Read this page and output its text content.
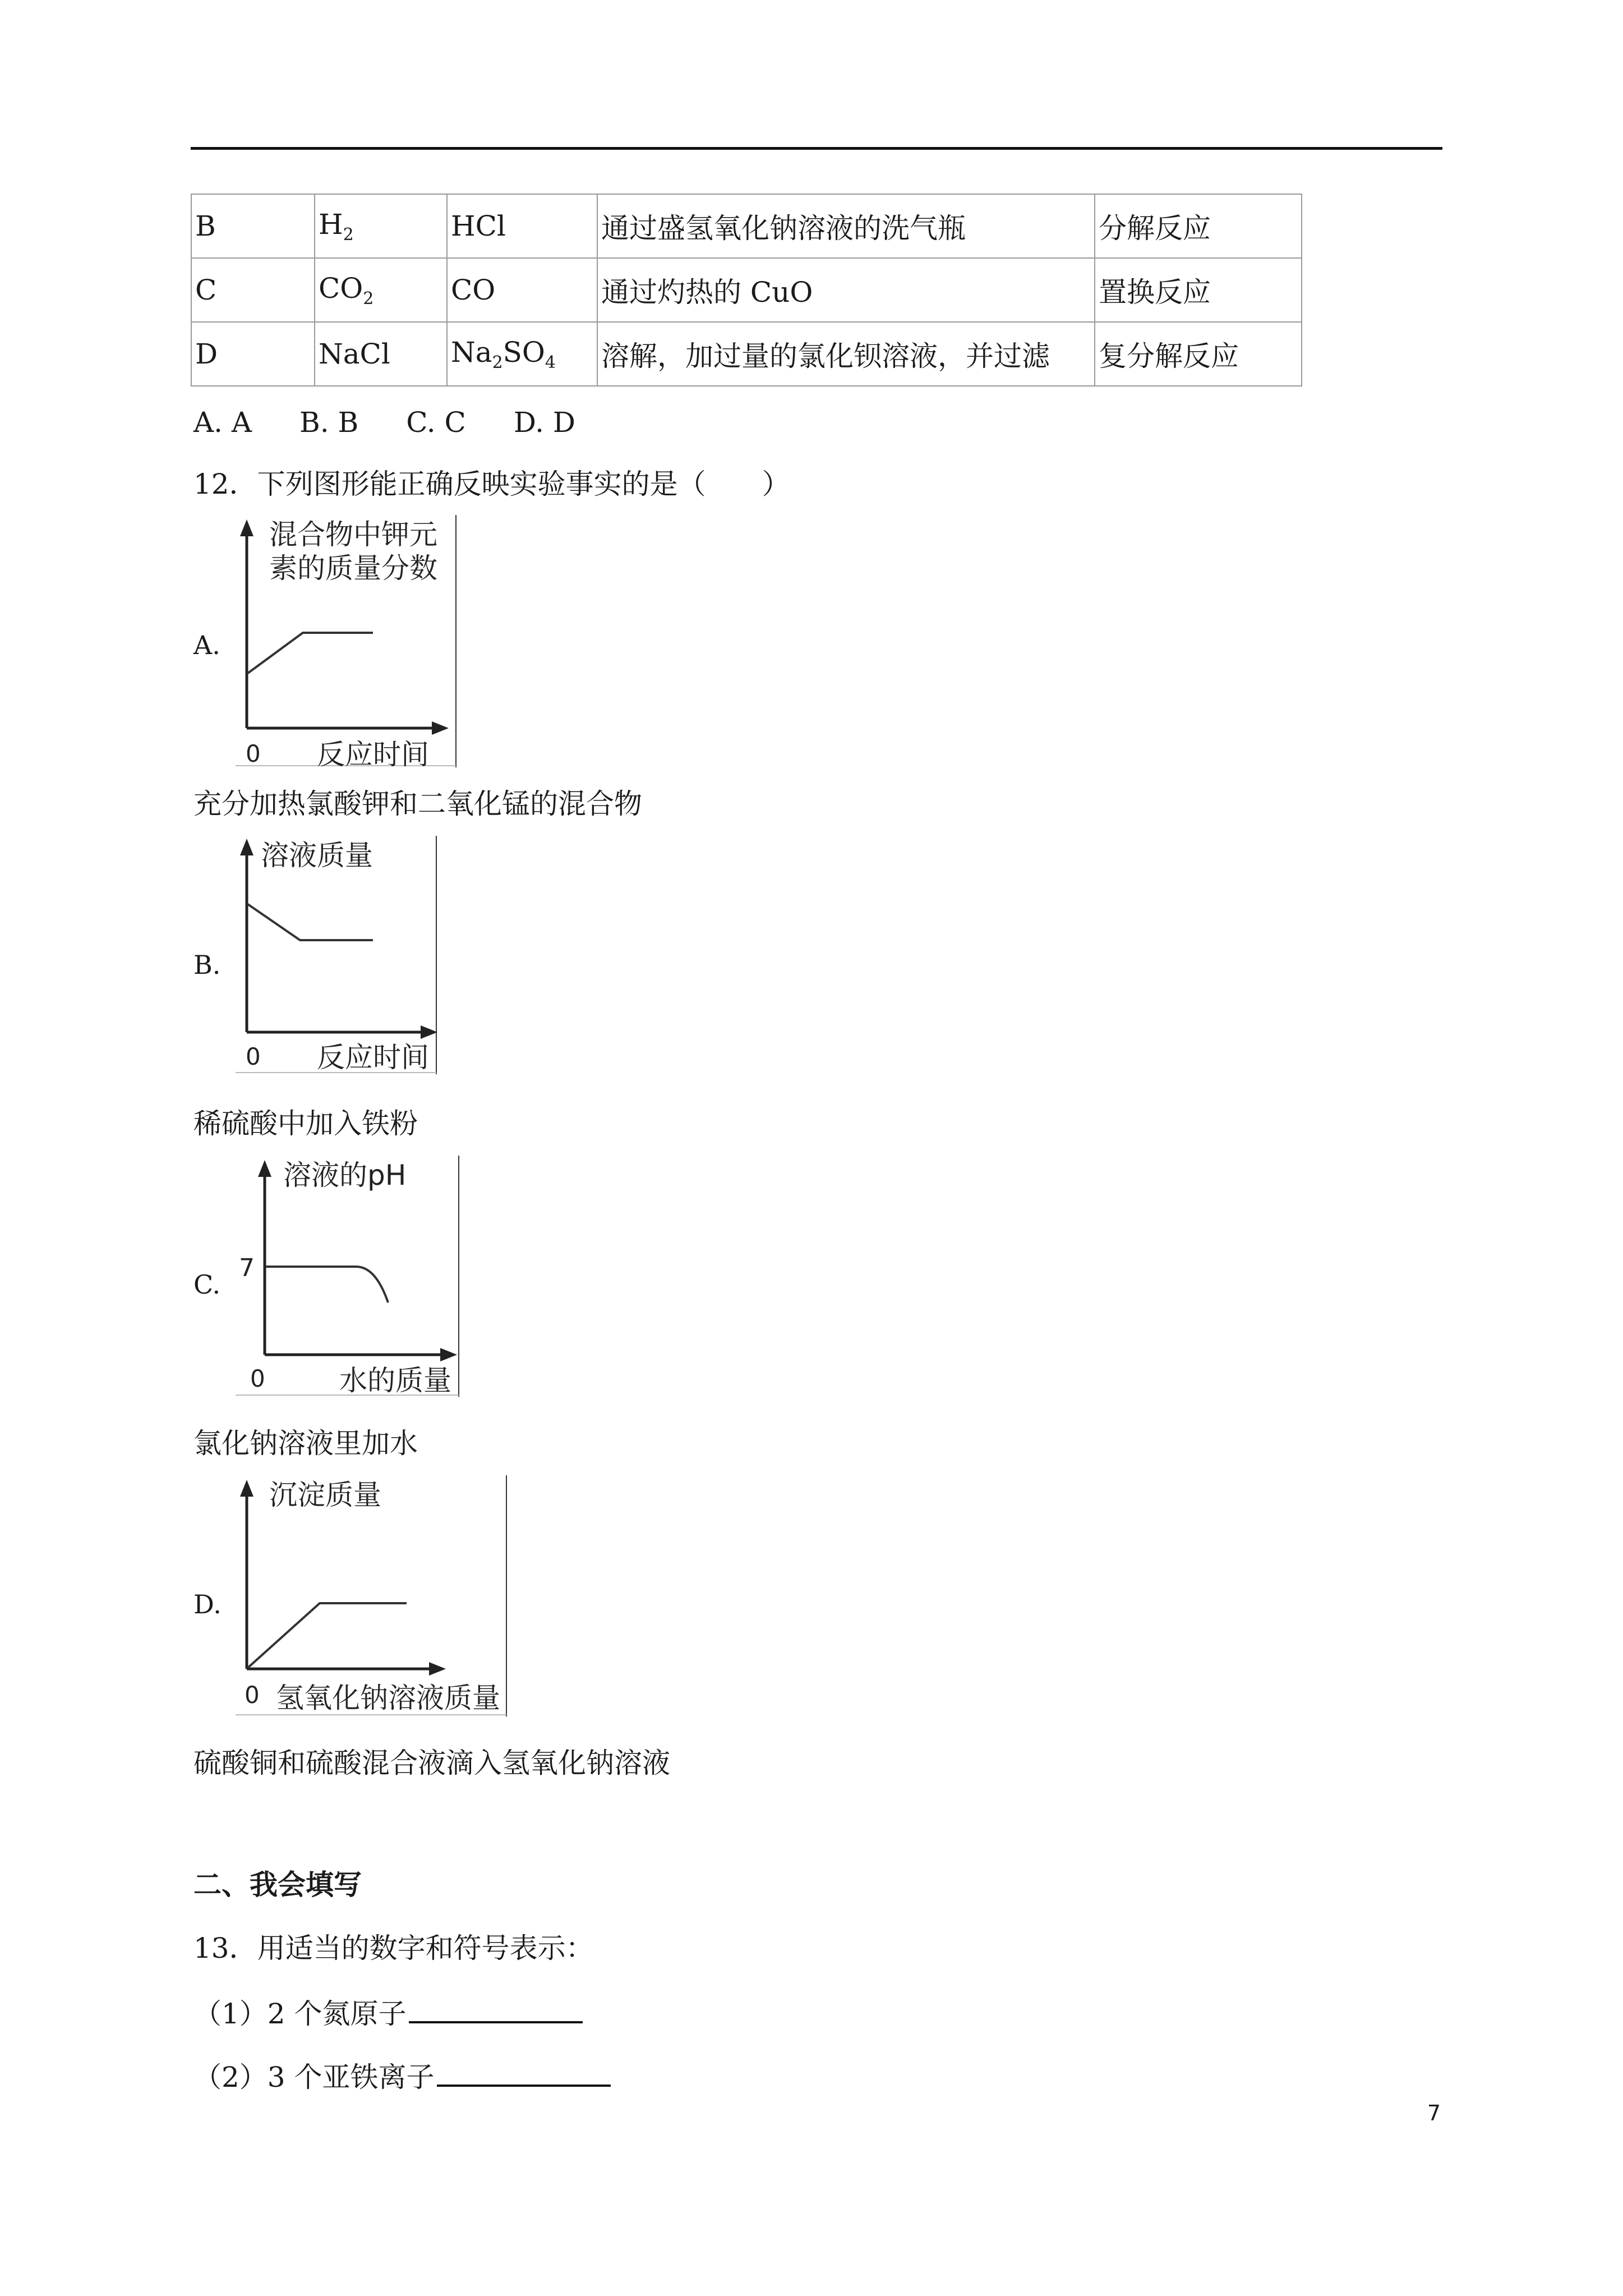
B	$H_2$	HCl	通过盛氢氧化钠溶液的洗气瓶	分解反应
C	$CO_2$	CO	通过灼热的 CuO	置换反应
D	NaCl	$Na_2SO_4$	溶解，加过量的氯化钡溶液，并过滤	复分解反应
A. A B. B C. C D. D
12．下列图形能正确反映实验事实的是（　　）
A.
混合物中钾元
素的质量分数
0 反应时间
充分加热氯酸钾和二氧化锰的混合物
B.
溶液质量
0 反应时间
稀硫酸中加入铁粉
C.
溶液的pH
7
0	水的质量
氯化钠溶液里加水
D.
沉淀质量
0 氢氧化钠溶液质量
硫酸铜和硫酸混合液滴入氢氧化钠溶液
二、我会填写
13．用适当的数字和符号表示：
（1）2 个氮原子
（2）3 个亚铁离子
7
